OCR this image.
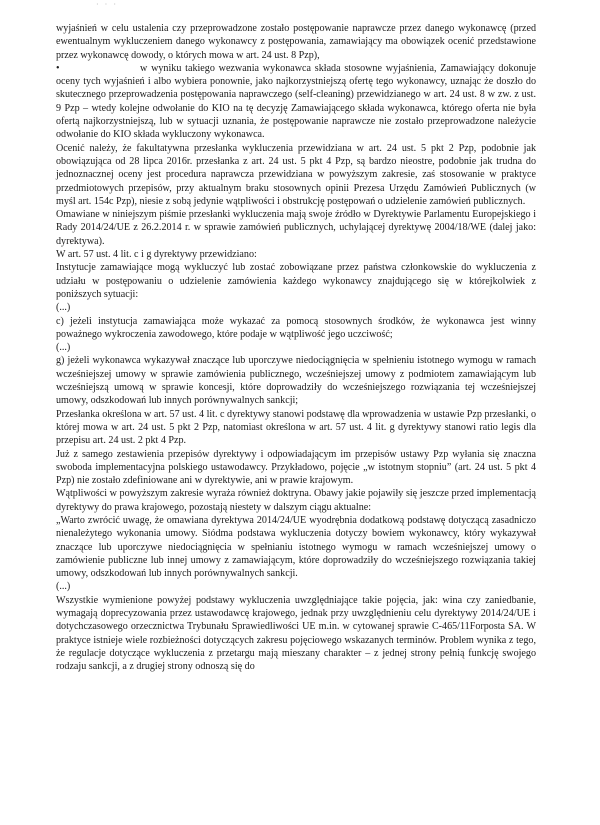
· · ·

wyjaśnień w celu ustalenia czy przeprowadzone zostało postępowanie naprawcze przez danego wykonawcę (przed ewentualnym wykluczeniem danego wykonawcy z postępowania, zamawiający ma obowiązek ocenić przedstawione przez wykonawcę dowody, o których mowa w art. 24 ust. 8 Pzp),

•	w wyniku takiego wezwania wykonawca składa stosowne wyjaśnienia, Zamawiający dokonuje oceny tych wyjaśnień i albo wybiera ponownie, jako najkorzystniejszą ofertę tego wykonawcy, uznając że doszło do skutecznego przeprowadzenia postępowania naprawczego (self-cleaning) przewidzianego w art. 24 ust. 8 w zw. z ust. 9 Pzp – wtedy kolejne odwołanie do KIO na tę decyzję Zamawiającego składa wykonawca, którego oferta nie była ofertą najkorzystniejszą, lub w sytuacji uznania, że postępowanie naprawcze nie zostało przeprowadzone należycie odwołanie do KIO składa wykluczony wykonawca.

Ocenić należy, że fakultatywna przesłanka wykluczenia przewidziana w art. 24 ust. 5 pkt 2 Pzp, podobnie jak obowiązująca od 28 lipca 2016r. przesłanka z art. 24 ust. 5 pkt 4 Pzp, są bardzo nieostre, podobnie jak trudna do jednoznacznej oceny jest procedura naprawcza przewidziana w powyższym zakresie, zaś stosowanie w praktyce przedmiotowych przepisów, przy aktualnym braku stosownych opinii Prezesa Urzędu Zamówień Publicznych (w myśl art. 154c Pzp), niesie z sobą jedynie wątpliwości i obstrukcję postępowań o udzielenie zamówień publicznych.

Omawiane w niniejszym piśmie przesłanki wykluczenia mają swoje źródło w Dyrektywie Parlamentu Europejskiego i Rady 2014/24/UE z 26.2.2014 r. w sprawie zamówień publicznych, uchylającej dyrektywę 2004/18/WE (dalej jako: dyrektywa).

W art. 57 ust. 4 lit. c i g dyrektywy przewidziano:

Instytucje zamawiające mogą wykluczyć lub zostać zobowiązane przez państwa członkowskie do wykluczenia z udziału w postępowaniu o udzielenie zamówienia każdego wykonawcy znajdującego się w którejkolwiek z poniższych sytuacji:

(...)

c) jeżeli instytucja zamawiająca może wykazać za pomocą stosownych środków, że wykonawca jest winny poważnego wykroczenia zawodowego, które podaje w wątpliwość jego uczciwość;

(...)

g) jeżeli wykonawca wykazywał znaczące lub uporczywe niedociągnięcia w spełnieniu istotnego wymogu w ramach wcześniejszej umowy w sprawie zamówienia publicznego, wcześniejszej umowy z podmiotem zamawiającym lub wcześniejszą umową w sprawie koncesji, które doprowadziły do wcześniejszego rozwiązania tej wcześniejszej umowy, odszkodowań lub innych porównywalnych sankcji;

Przesłanka określona w art. 57 ust. 4 lit. c dyrektywy stanowi podstawę dla wprowadzenia w ustawie Pzp przesłanki, o której mowa w art. 24 ust. 5 pkt 2 Pzp, natomiast określona w art. 57 ust. 4 lit. g dyrektywy stanowi ratio legis dla przepisu art. 24 ust. 2 pkt 4 Pzp.

Już z samego zestawienia przepisów dyrektywy i odpowiadającym im przepisów ustawy Pzp wyłania się znaczna swoboda implementacyjna polskiego ustawodawcy. Przykładowo, pojęcie „w istotnym stopniu” (art. 24 ust. 5 pkt 4 Pzp) nie zostało zdefiniowane ani w dyrektywie, ani w prawie krajowym.

Wątpliwości w powyższym zakresie wyraża również doktryna. Obawy jakie pojawiły się jeszcze przed implementacją dyrektywy do prawa krajowego, pozostają niestety w dalszym ciągu aktualne:

„Warto zwrócić uwagę, że omawiana dyrektywa 2014/24/UE wyodrębnia dodatkową podstawę dotyczącą zasadniczo nienależytego wykonania umowy. Siódma podstawa wykluczenia dotyczy bowiem wykonawcy, który wykazywał znaczące lub uporczywe niedociągnięcia w spełnianiu istotnego wymogu w ramach wcześniejszej umowy o zamówienie publiczne lub innej umowy z zamawiającym, które doprowadziły do wcześniejszego rozwiązania takiej umowy, odszkodowań lub innych porównywalnych sankcji.

(...)

Wszystkie wymienione powyżej podstawy wykluczenia uwzględniające takie pojęcia, jak: wina czy zaniedbanie, wymagają doprecyzowania przez ustawodawcę krajowego, jednak przy uwzględnieniu celu dyrektywy 2014/24/UE i dotychczasowego orzecznictwa Trybunału Sprawiedliwości UE m.in. w cytowanej sprawie C-465/11Forposta SA. W praktyce istnieje wiele rozbieżności dotyczących zakresu pojęciowego wskazanych terminów. Problem wynika z tego, że regulacje dotyczące wykluczenia z przetargu mają mieszany charakter – z jednej strony pełnią funkcję swojego rodzaju sankcji, a z drugiej strony odnoszą się do
